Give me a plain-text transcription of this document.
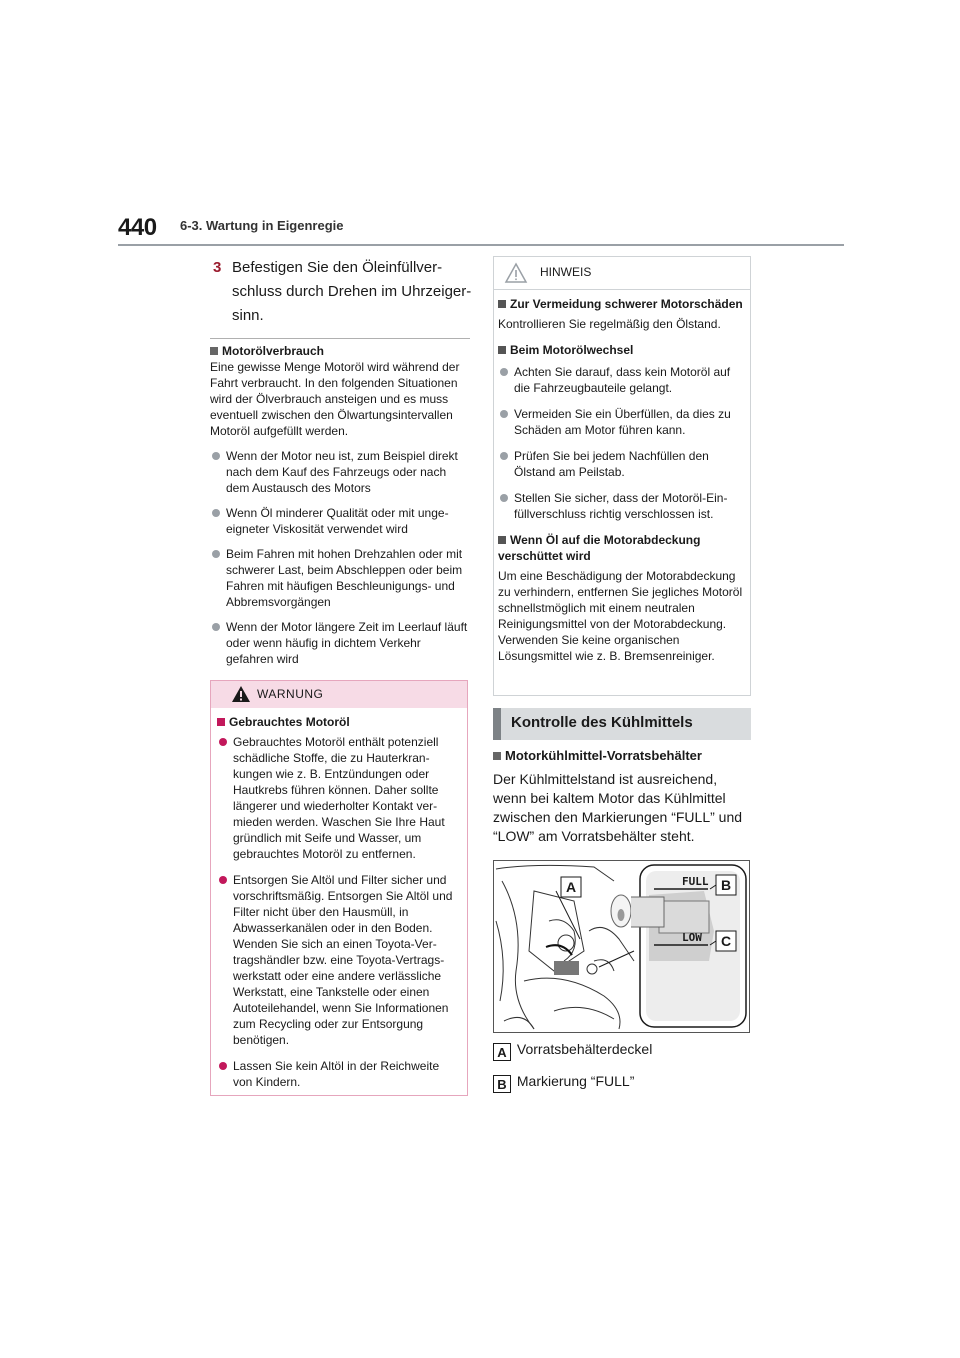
440 6-3. Wartung in Eigenregie
3 Befestigen Sie den Öleinfüllverschluss durch Drehen im Uhrzeigersinn.
Motorölverbrauch
Eine gewisse Menge Motoröl wird während der Fahrt verbraucht. In den folgenden Situationen wird der Ölverbrauch ansteigen und es muss eventuell zwischen den Ölwartungsintervallen Motoröl aufgefüllt werden.
Wenn der Motor neu ist, zum Beispiel direkt nach dem Kauf des Fahrzeugs oder nach dem Austausch des Motors
Wenn Öl minderer Qualität oder mit ungeeigneter Viskosität verwendet wird
Beim Fahren mit hohen Drehzahlen oder mit schwerer Last, beim Abschleppen oder beim Fahren mit häufigen Beschleunigungs- und Abbremsvorgängen
Wenn der Motor längere Zeit im Leerlauf läuft oder wenn häufig in dichtem Verkehr gefahren wird
WARNUNG
Gebrauchtes Motoröl
Gebrauchtes Motoröl enthält potenziell schädliche Stoffe, die zu Hauterkrankungen wie z. B. Entzündungen oder Hautkrebs führen können. Daher sollte längerer und wiederholter Kontakt vermieden werden. Waschen Sie Ihre Haut gründlich mit Seife und Wasser, um gebrauchtes Motoröl zu entfernen.
Entsorgen Sie Altöl und Filter sicher und vorschriftsmäßig. Entsorgen Sie Altöl und Filter nicht über den Hausmüll, in Abwasserkanälen oder in den Boden. Wenden Sie sich an einen Toyota-Vertragshändler bzw. eine Toyota-Vertragswerkstatt oder eine andere verlässliche Werkstatt, eine Tankstelle oder einen Autoteilehandel, wenn Sie Informationen zum Recycling oder zur Entsorgung benötigen.
Lassen Sie kein Altöl in der Reichweite von Kindern.
HINWEIS
Zur Vermeidung schwerer Motorschäden
Kontrollieren Sie regelmäßig den Ölstand.
Beim Motorölwechsel
Achten Sie darauf, dass kein Motoröl auf die Fahrzeugbauteile gelangt.
Vermeiden Sie ein Überfüllen, da dies zu Schäden am Motor führen kann.
Prüfen Sie bei jedem Nachfüllen den Ölstand am Peilstab.
Stellen Sie sicher, dass der Motoröl-Einfüllverschluss richtig verschlossen ist.
Wenn Öl auf die Motorabdeckung verschüttet wird
Um eine Beschädigung der Motorabdeckung zu verhindern, entfernen Sie jegliches Motoröl schnellstmöglich mit einem neutralen Reinigungsmittel von der Motorabdeckung. Verwenden Sie keine organischen Lösungsmittel wie z. B. Bremsenreiniger.
Kontrolle des Kühlmittels
Motorkühlmittel-Vorratsbehälter
Der Kühlmittelstand ist ausreichend, wenn bei kaltem Motor das Kühlmittel zwischen den Markierungen “FULL” und “LOW” am Vorratsbehälter steht.
FULL
LOW
A	B
C
A Vorratsbehälterdeckel
B Markierung “FULL”
